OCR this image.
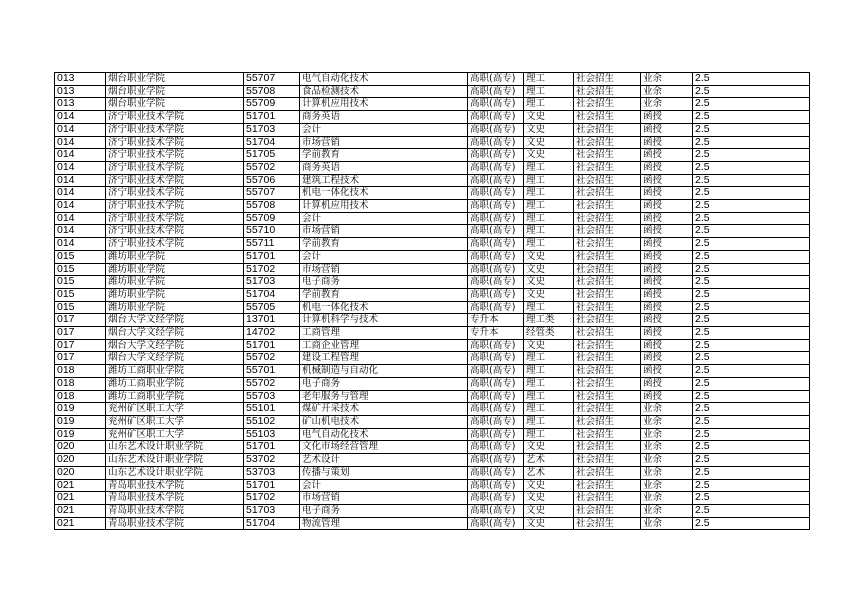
013	烟台职业学院	55707	电气自动化技术	高职(高专)	理工	社会招生	业余	2.5
013	烟台职业学院	55708	食品检测技术	高职(高专)	理工	社会招生	业余	2.5
013	烟台职业学院	55709	计算机应用技术	高职(高专)	理工	社会招生	业余	2.5
014	济宁职业技术学院	51701	商务英语	高职(高专)	文史	社会招生	函授	2.5
014	济宁职业技术学院	51703	会计	高职(高专)	文史	社会招生	函授	2.5
014	济宁职业技术学院	51704	市场营销	高职(高专)	文史	社会招生	函授	2.5
014	济宁职业技术学院	51705	学前教育	高职(高专)	文史	社会招生	函授	2.5
014	济宁职业技术学院	55702	商务英语	高职(高专)	理工	社会招生	函授	2.5
014	济宁职业技术学院	55706	建筑工程技术	高职(高专)	理工	社会招生	函授	2.5
014	济宁职业技术学院	55707	机电一体化技术	高职(高专)	理工	社会招生	函授	2.5
014	济宁职业技术学院	55708	计算机应用技术	高职(高专)	理工	社会招生	函授	2.5
014	济宁职业技术学院	55709	会计	高职(高专)	理工	社会招生	函授	2.5
014	济宁职业技术学院	55710	市场营销	高职(高专)	理工	社会招生	函授	2.5
014	济宁职业技术学院	55711	学前教育	高职(高专)	理工	社会招生	函授	2.5
015	潍坊职业学院	51701	会计	高职(高专)	文史	社会招生	函授	2.5
015	潍坊职业学院	51702	市场营销	高职(高专)	文史	社会招生	函授	2.5
015	潍坊职业学院	51703	电子商务	高职(高专)	文史	社会招生	函授	2.5
015	潍坊职业学院	51704	学前教育	高职(高专)	文史	社会招生	函授	2.5
015	潍坊职业学院	55705	机电一体化技术	高职(高专)	理工	社会招生	函授	2.5
017	烟台大学文经学院	13701	计算机科学与技术	专升本	理工类	社会招生	函授	2.5
017	烟台大学文经学院	14702	工商管理	专升本	经管类	社会招生	函授	2.5
017	烟台大学文经学院	51701	工商企业管理	高职(高专)	文史	社会招生	函授	2.5
017	烟台大学文经学院	55702	建设工程管理	高职(高专)	理工	社会招生	函授	2.5
018	潍坊工商职业学院	55701	机械制造与自动化	高职(高专)	理工	社会招生	函授	2.5
018	潍坊工商职业学院	55702	电子商务	高职(高专)	理工	社会招生	函授	2.5
018	潍坊工商职业学院	55703	老年服务与管理	高职(高专)	理工	社会招生	函授	2.5
019	兖州矿区职工大学	55101	煤矿开采技术	高职(高专)	理工	社会招生	业余	2.5
019	兖州矿区职工大学	55102	矿山机电技术	高职(高专)	理工	社会招生	业余	2.5
019	兖州矿区职工大学	55103	电气自动化技术	高职(高专)	理工	社会招生	业余	2.5
020	山东艺术设计职业学院	51701	文化市场经营管理	高职(高专)	文史	社会招生	业余	2.5
020	山东艺术设计职业学院	53702	艺术设计	高职(高专)	艺术	社会招生	业余	2.5
020	山东艺术设计职业学院	53703	传播与策划	高职(高专)	艺术	社会招生	业余	2.5
021	青岛职业技术学院	51701	会计	高职(高专)	文史	社会招生	业余	2.5
021	青岛职业技术学院	51702	市场营销	高职(高专)	文史	社会招生	业余	2.5
021	青岛职业技术学院	51703	电子商务	高职(高专)	文史	社会招生	业余	2.5
021	青岛职业技术学院	51704	物流管理	高职(高专)	文史	社会招生	业余	2.5
